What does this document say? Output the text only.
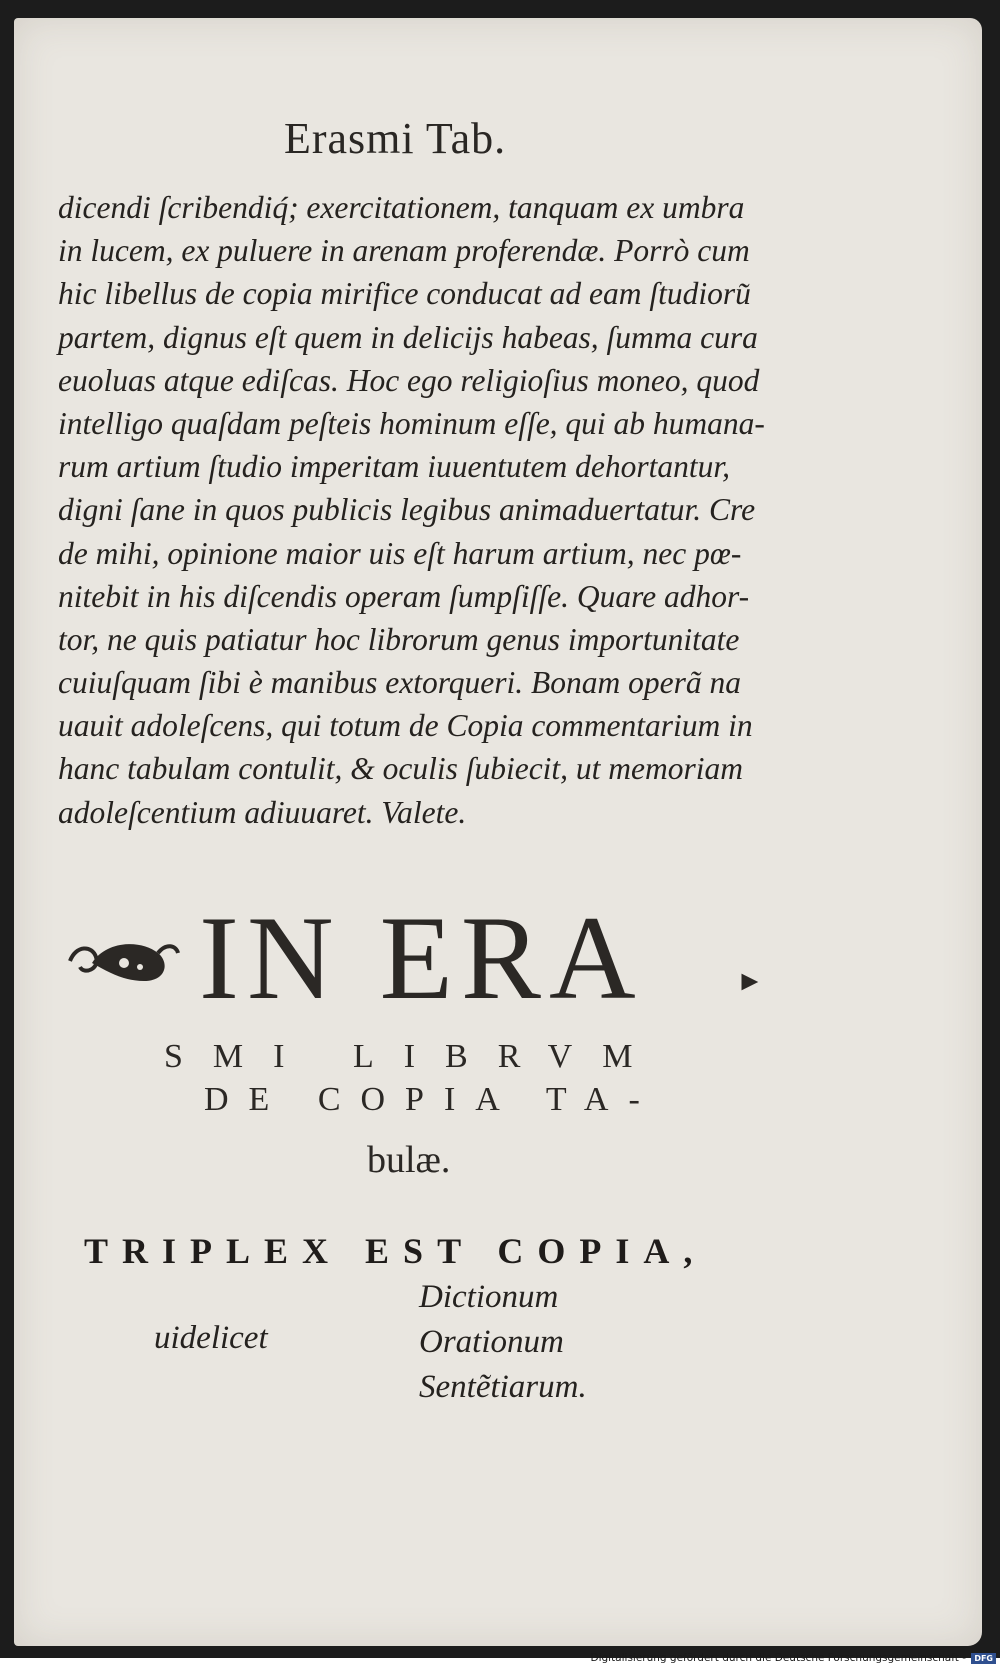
Erasmi Tab.
dicendi ſcribendiq́; exercitationem, tanquam ex umbra
in lucem, ex puluere in arenam proferendæ. Porrò cum
hic libellus de copia mirifice conducat ad eam ſtudioru͂
partem, dignus eſt quem in delicijs habeas, ſumma cura
euoluas atque ediſcas. Hoc ego religioſius moneo, quod
intelligo quaſdam peſteis hominum eſſe, qui ab humana-
rum artium ſtudio imperitam iuuentutem dehortantur,
digni ſane in quos publicis legibus animaduertatur. Cre
de mihi, opinione maior uis eſt harum artium, nec pœ-
nitebit in his diſcendis operam ſumpſiſſe. Quare adhor-
tor, ne quis patiatur hoc librorum genus importunitate
cuiuſquam ſibi è manibus extorqueri. Bonam operã na
uauit adoleſcens, qui totum de Copia commentarium in
hanc tabulam contulit, & oculis ſubiecit, ut memoriam
adoleſcentium adiuuaret. Valete.
IN ERA	►
SMI LIBRVM
DE COPIA TA-
bulæ.
TRIPLEX EST COPIA,
uidelicet
Dictionum
Orationum
Sentẽtiarum.
Digitalisierung gefördert durch die Deutsche Forschungsgemeinschaft -	DFG
